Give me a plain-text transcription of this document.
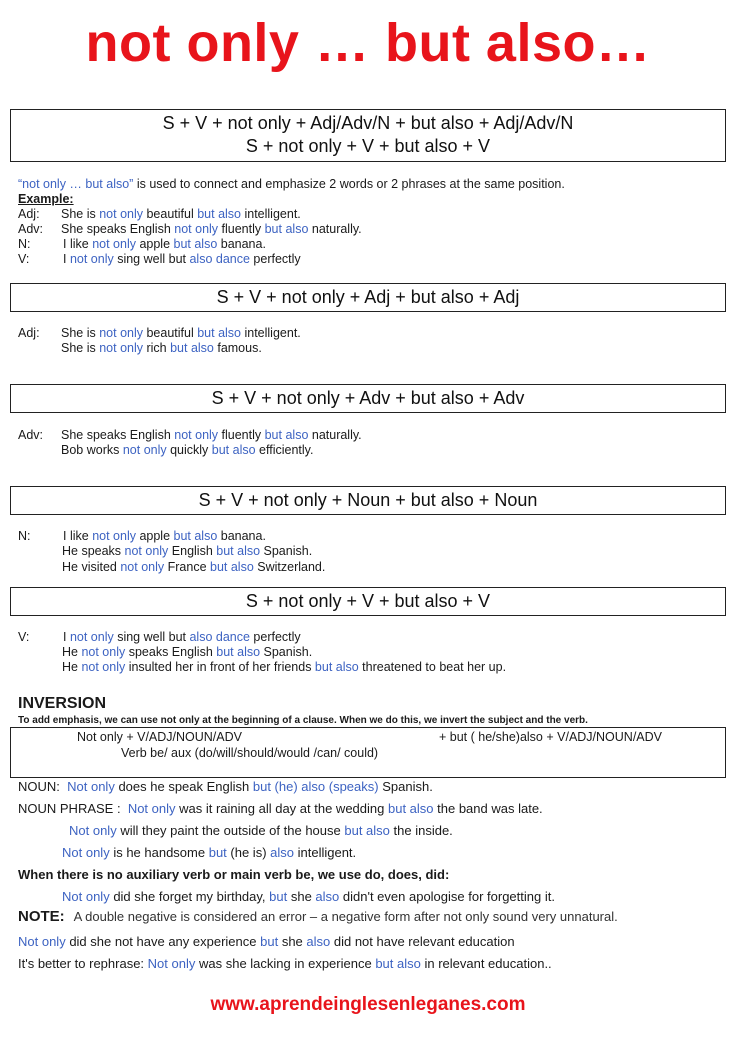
not only … but also…
S + V + not only + Adj/Adv/N + but also + Adj/Adv/N
S + not only + V + but also + V
“not only … but also” is used to connect and emphasize 2 words or 2 phrases at the same position.
Example:
Adj: She is not only beautiful but also intelligent.
Adv: She speaks English not only fluently but also naturally.
N:	I like not only apple but also banana.
V:	I not only sing well but also dance perfectly
S + V + not only + Adj + but also + Adj
Adj: She is not only beautiful but also intelligent.
She is not only rich but also famous.
S + V + not only + Adv + but also + Adv
Adv: She speaks English not only fluently but also naturally.
Bob works not only quickly but also efficiently.
S + V + not only + Noun + but also + Noun
N:	I like not only apple but also banana.
He speaks not only English but also Spanish.
He visited not only France but also Switzerland.
S + not only + V + but also + V
V:	I not only sing well but also dance perfectly
He not only speaks English but also Spanish.
He not only insulted her in front of her friends but also threatened to beat her up.
INVERSION
To add emphasis, we can use not only at the beginning of a clause. When we do this, we invert the subject and the verb.
Not only + V/ADJ/NOUN/ADV	+ but ( he/she)also + V/ADJ/NOUN/ADV
Verb be/ aux (do/will/should/would /can/ could)
NOUN: Not only does he speak English but (he) also (speaks) Spanish.
NOUN PHRASE : Not only was it raining all day at the wedding but also the band was late.
Not only will they paint the outside of the house but also the inside.
Not only is he handsome but (he is) also intelligent.
When there is no auxiliary verb or main verb be, we use do, does, did:
Not only did she forget my birthday, but she also didn't even apologise for forgetting it.
NOTE: A double negative is considered an error – a negative form after not only sound very unnatural.
Not only did she not have any experience but she also did not have relevant education
It's better to rephrase: Not only was she lacking in experience but also in relevant education..
www.aprendeinglesenleganes.com
